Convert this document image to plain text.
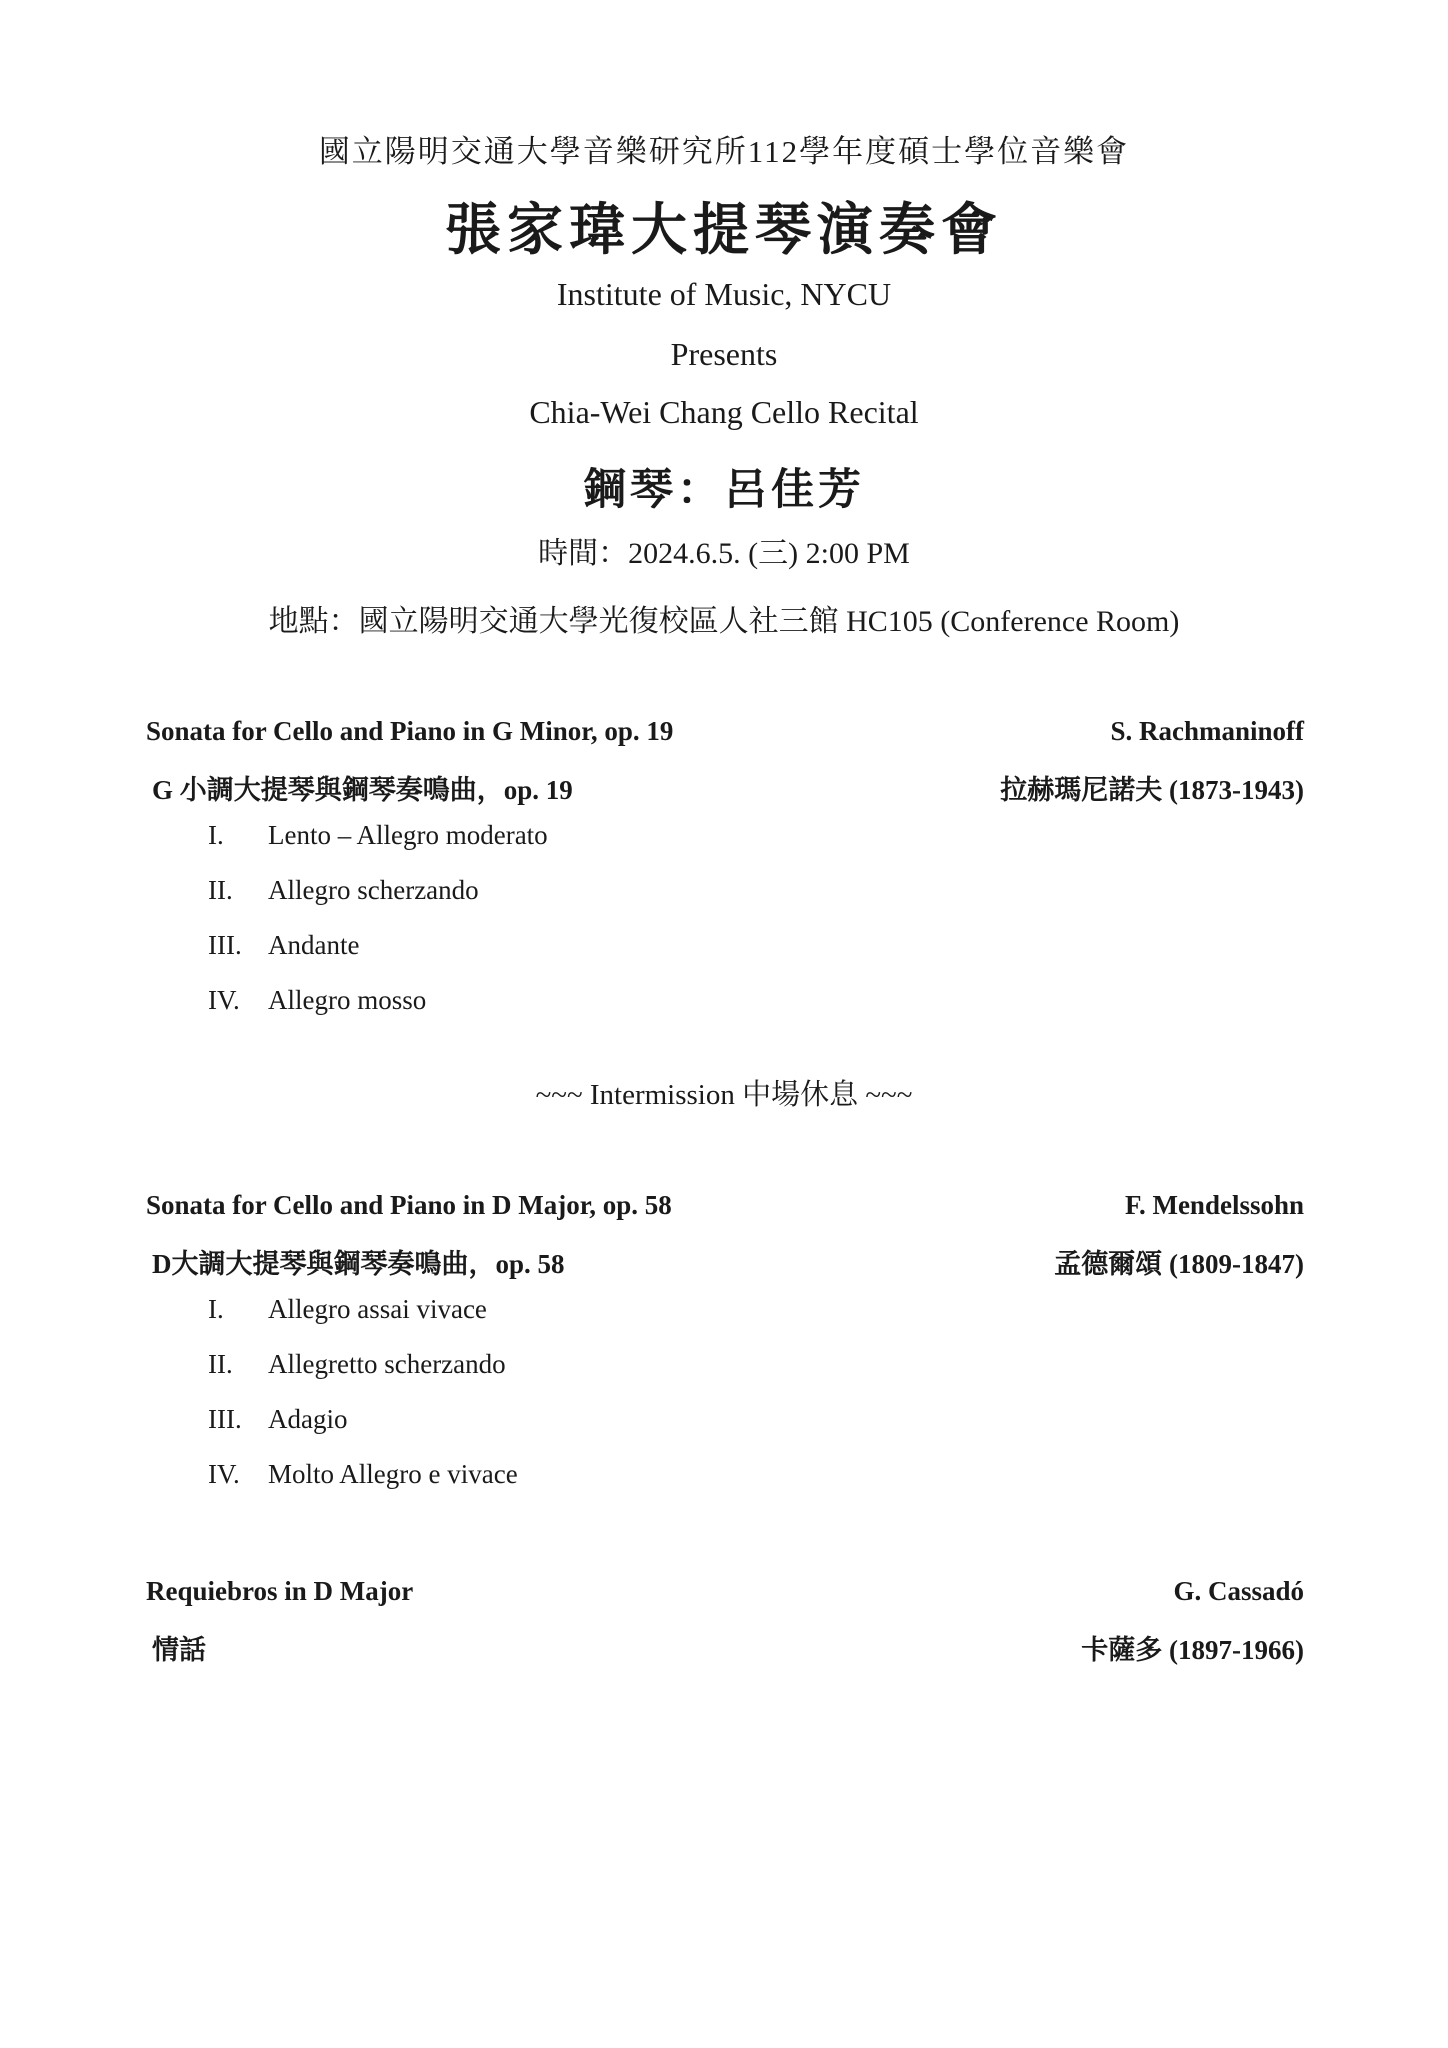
國立陽明交通大學音樂研究所112學年度碩士學位音樂會
張家瑋大提琴演奏會
Institute of Music, NYCU
Presents
Chia-Wei Chang Cello Recital
鋼琴：呂佳芳
時間：2024.6.5. (三) 2:00 PM
地點：國立陽明交通大學光復校區人社三館 HC105 (Conference Room)
Sonata for Cello and Piano in G Minor, op. 19	S. Rachmaninoff
G 小調大提琴與鋼琴奏鳴曲，op. 19	拉赫瑪尼諾夫 (1873-1943)
I. Lento – Allegro moderato
II. Allegro scherzando
III. Andante
IV. Allegro mosso
~~~ Intermission 中場休息 ~~~
Sonata for Cello and Piano in D Major, op. 58	F. Mendelssohn
D大調大提琴與鋼琴奏鳴曲，op. 58	孟德爾頌 (1809-1847)
I. Allegro assai vivace
II. Allegretto scherzando
III. Adagio
IV. Molto Allegro e vivace
Requiebros in D Major	G. Cassadó
情話	卡薩多 (1897-1966)
